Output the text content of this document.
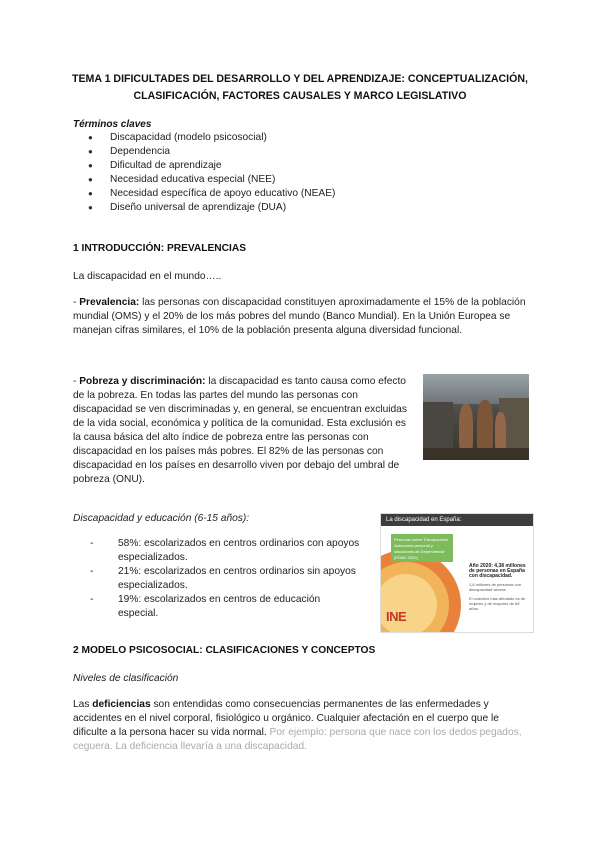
TEMA 1 DIFICULTADES DEL DESARROLLO Y DEL APRENDIZAJE: CONCEPTUALIZACIÓN, CLASIFICACIÓN, FACTORES CAUSALES Y MARCO LEGISLATIVO
Términos claves
● Discapacidad (modelo psicosocial)
● Dependencia
● Dificultad de aprendizaje
● Necesidad educativa especial (NEE)
● Necesidad específica de apoyo educativo (NEAE)
● Diseño universal de aprendizaje (DUA)
1 INTRODUCCIÓN: PREVALENCIAS
La discapacidad en el mundo…..
- Prevalencia: las personas con discapacidad constituyen aproximadamente el 15% de la población mundial (OMS) y el 20% de los más pobres del mundo (Banco Mundial). En la Unión Europea se manejan cifras similares, el 10% de la población presenta alguna diversidad funcional.
- Pobreza y discriminación: la discapacidad es tanto causa como efecto de la pobreza. En todas las partes del mundo las personas con discapacidad se ven discriminadas y, en general, se encuentran excluidas de la vida social, económica y política de la comunidad. Esta exclusión es la causa básica del alto índice de pobreza entre las personas con discapacidad en los países más pobres. El 82% de las personas con discapacidad en los países en desarrollo viven por debajo del umbral de pobreza (ONU).
Discapacidad y educación (6-15 años):
- 58%: escolarizados en centros ordinarios con apoyos especializados.
- 21%: escolarizados en centros ordinarios sin apoyos especializados.
- 19%: escolarizados en centros de educación especial.
La discapacidad en España:
Personas sobre 'Discapacidad, Autonomía personal y situaciones de Dependencia' (EDAD 2020)
Año 2020: 4,38 millones de personas en España con discapacidad.
1,6 millones de personas con discapacidad severa.
El colectivo más afectado es de mujeres y de mayores de 65 años.
INE
2 MODELO PSICOSOCIAL: CLASIFICACIONES Y CONCEPTOS
Niveles de clasificación
Las deficiencias son entendidas como consecuencias permanentes de las enfermedades y accidentes en el nivel corporal, fisiológico u orgánico. Cualquier afectación en el cuerpo que le dificulte a la persona hacer su vida normal. Por ejemplo: persona que nace con los dedos pegados, ceguera. La deficiencia llevaría a una discapacidad.
